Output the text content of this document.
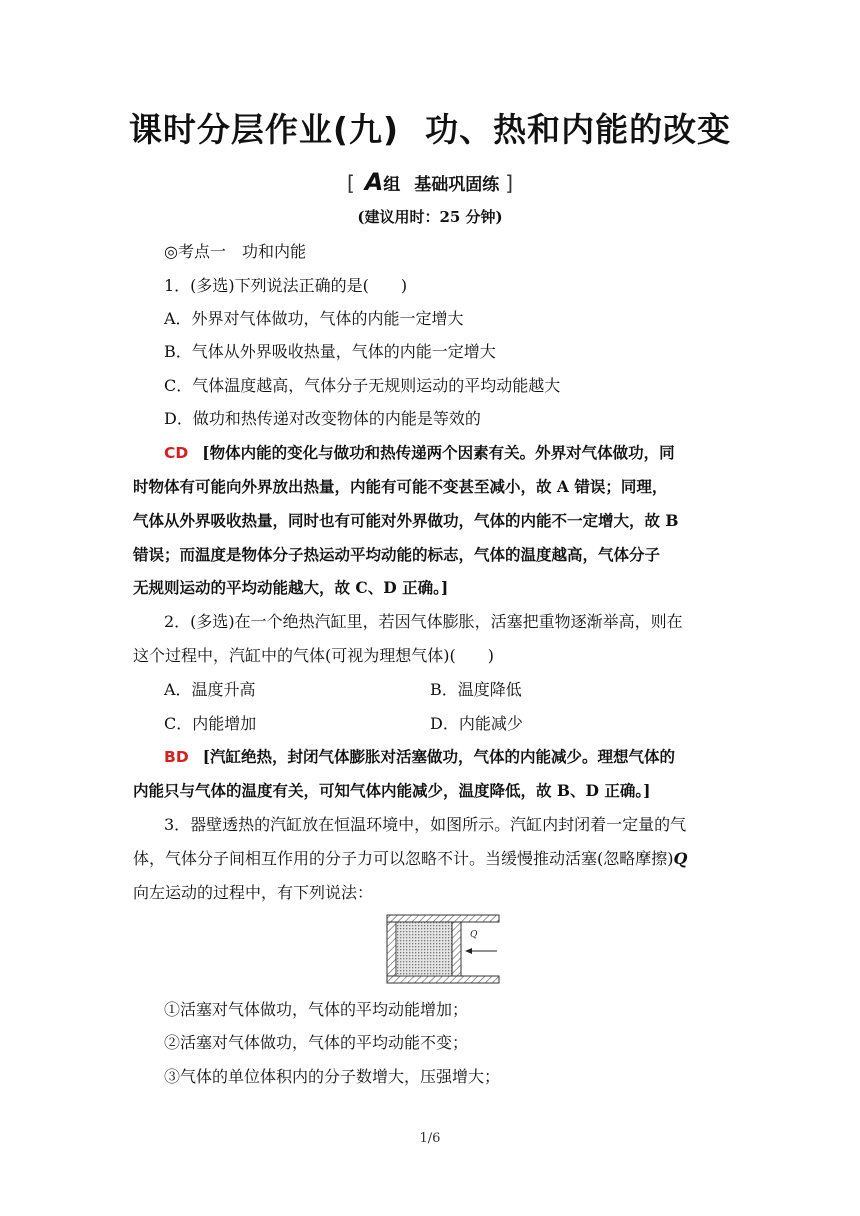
课时分层作业(九) 功、热和内能的改变
[ A组 基础巩固练 ]
(建议用时：25 分钟)
◎考点一　功和内能
1．(多选)下列说法正确的是(　　)
A．外界对气体做功，气体的内能一定增大
B．气体从外界吸收热量，气体的内能一定增大
C．气体温度越高，气体分子无规则运动的平均动能越大
D．做功和热传递对改变物体的内能是等效的
CD [物体内能的变化与做功和热传递两个因素有关。外界对气体做功，同
时物体有可能向外界放出热量，内能有可能不变甚至减小，故 A 错误；同理，
气体从外界吸收热量，同时也有可能对外界做功，气体的内能不一定增大，故 B
错误；而温度是物体分子热运动平均动能的标志，气体的温度越高，气体分子
无规则运动的平均动能越大，故 C、D 正确。]
2．(多选)在一个绝热汽缸里，若因气体膨胀，活塞把重物逐渐举高，则在
这个过程中，汽缸中的气体(可视为理想气体)(　　)
A．温度升高	B．温度降低
C．内能增加	D．内能减少
BD [汽缸绝热，封闭气体膨胀对活塞做功，气体的内能减少。理想气体的
内能只与气体的温度有关，可知气体内能减少，温度降低，故 B、D 正确。]
3．器壁透热的汽缸放在恒温环境中，如图所示。汽缸内封闭着一定量的气
体，气体分子间相互作用的分子力可以忽略不计。当缓慢推动活塞(忽略摩擦)Q
向左运动的过程中，有下列说法：
Q
①活塞对气体做功，气体的平均动能增加；
②活塞对气体做功，气体的平均动能不变；
③气体的单位体积内的分子数增大，压强增大；
1/6
